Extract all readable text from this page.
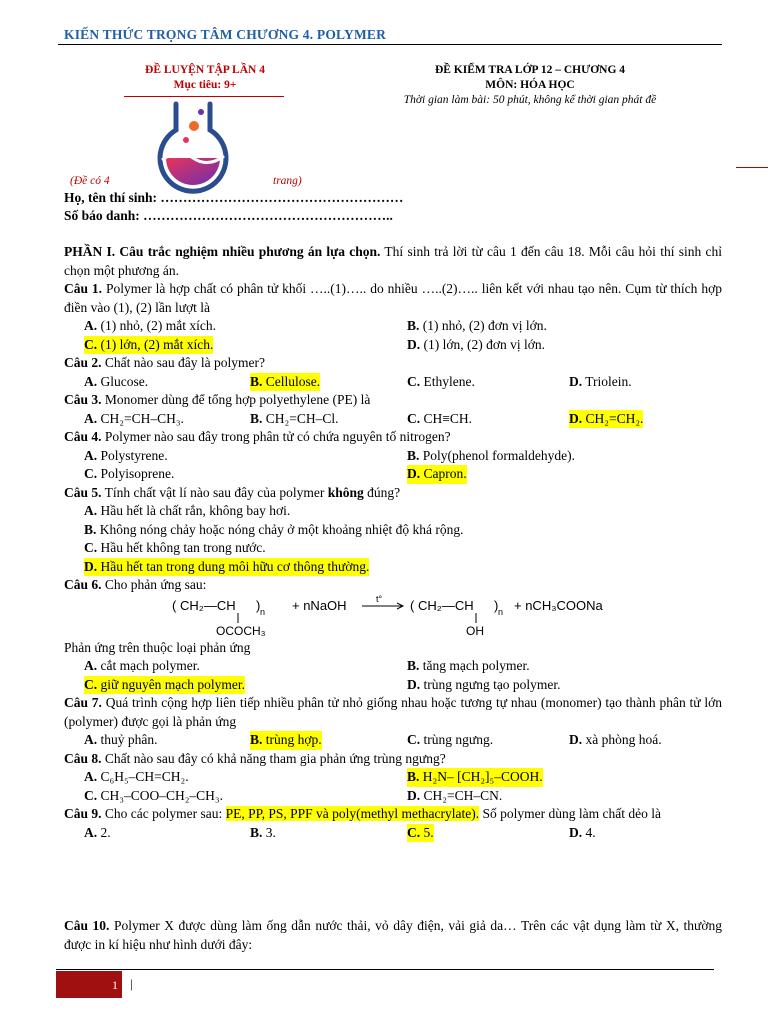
KIẾN THỨC TRỌNG TÂM CHƯƠNG 4. POLYMER
ĐỀ LUYỆN TẬP LẦN 4
Mục tiêu: 9+
ĐỀ KIỂM TRA LỚP 12 – CHƯƠNG 4
MÔN: HÓA HỌC
Thời gian làm bài: 50 phút, không kể thời gian phát đề
(Đề có 4	trang)
Họ, tên thí sinh: ………………………………………………
Số báo danh: ………………………………………………..
PHẦN I. Câu trắc nghiệm nhiều phương án lựa chọn. Thí sinh trả lời từ câu 1 đến câu 18. Mỗi câu hỏi thí sinh chỉ chọn một phương án.
Câu 1. Polymer là hợp chất có phân tử khối …..(1)….. do nhiều …..(2)….. liên kết với nhau tạo nên. Cụm từ thích hợp điền vào (1), (2) lần lượt là
A. (1) nhỏ, (2) mắt xích.	B. (1) nhỏ, (2) đơn vị lớn.
C. (1) lớn, (2) mắt xích.	D. (1) lớn, (2) đơn vị lớn.
Câu 2. Chất nào sau đây là polymer?
A. Glucose.	B. Cellulose.	C. Ethylene.	D. Triolein.
Câu 3. Monomer dùng để tổng hợp polyethylene (PE) là
A. CH₂=CH–CH₃.	B. CH₂=CH–Cl.	C. CH≡CH.	D. CH₂=CH₂.
Câu 4. Polymer nào sau đây trong phân tử có chứa nguyên tố nitrogen?
A. Polystyrene.	B. Poly(phenol formaldehyde).
C. Polyisoprene.	D. Capron.
Câu 5. Tính chất vật lí nào sau đây của polymer không đúng?
A. Hầu hết là chất rắn, không bay hơi.
B. Không nóng chảy hoặc nóng chảy ở một khoảng nhiệt độ khá rộng.
C. Hầu hết không tan trong nước.
D. Hầu hết tan trong dung môi hữu cơ thông thường.
Câu 6. Cho phản ứng sau:
( CH₂—CH ) n
OCOCH₃
+ nNaOH	t° ( CH₂—CH ) n
OH
+ nCH₃COONa
Phản ứng trên thuộc loại phản ứng
A. cắt mạch polymer.	B. tăng mạch polymer.
C. giữ nguyên mạch polymer.	D. trùng ngưng tạo polymer.
Câu 7. Quá trình cộng hợp liên tiếp nhiều phân tử nhỏ giống nhau hoặc tương tự nhau (monomer) tạo thành phân tử lớn (polymer) được gọi là phản ứng
A. thuỷ phân.	B. trùng hợp.	C. trùng ngưng.	D. xà phòng hoá.
Câu 8. Chất nào sau đây có khả năng tham gia phản ứng trùng ngưng?
A. C₆H₅–CH=CH₂.	B. H₂N– [CH₂]₅–COOH.
C. CH₃–COO–CH₂–CH₃.	D. CH₂=CH–CN.
Câu 9. Cho các polymer sau: PE, PP, PS, PPF và poly(methyl methacrylate). Số polymer dùng làm chất dẻo là
A. 2.	B. 3.	C. 5.	D. 4.
Câu 10. Polymer X được dùng làm ống dẫn nước thải, vỏ dây điện, vải giả da… Trên các vật dụng làm từ X, thường được in kí hiệu như hình dưới đây:
1 |
